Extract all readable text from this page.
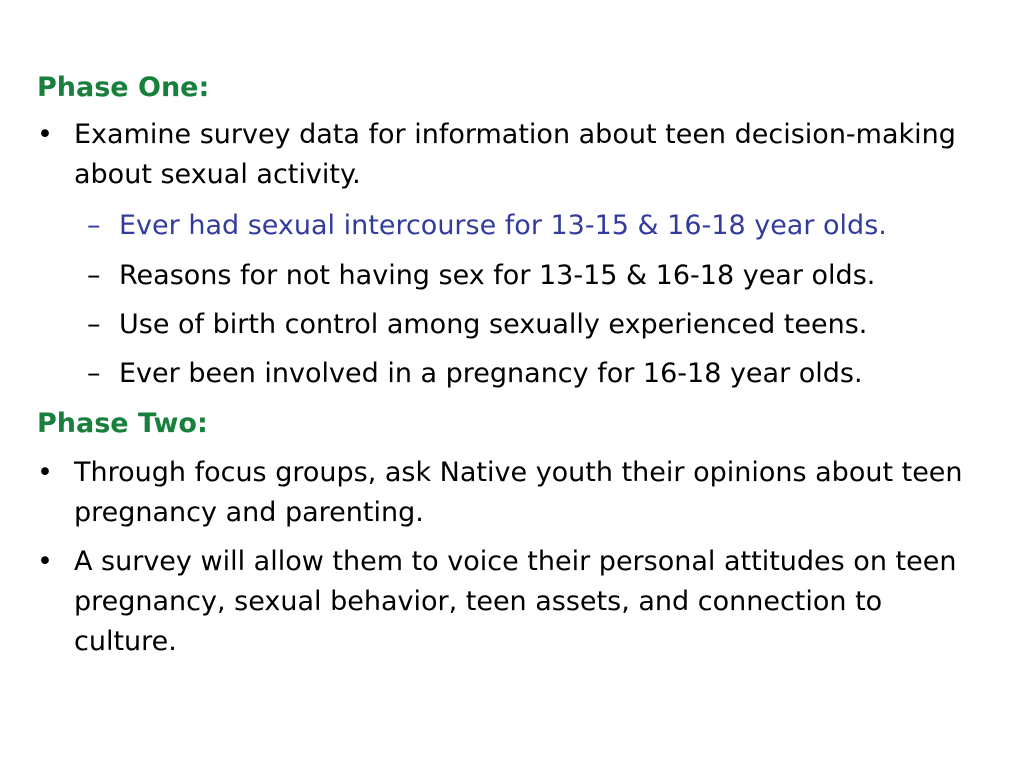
Phase One:
• Examine survey data for information about teen decision-making about sexual activity.
– Ever had sexual intercourse for 13-15 & 16-18 year olds.
– Reasons for not having sex for 13-15 & 16-18 year olds.
– Use of birth control among sexually experienced teens.
– Ever been involved in a pregnancy for 16-18 year olds.
Phase Two:
• Through focus groups, ask Native youth their opinions about teen pregnancy and parenting.
• A survey will allow them to voice their personal attitudes on teen pregnancy, sexual behavior, teen assets, and connection to culture.
